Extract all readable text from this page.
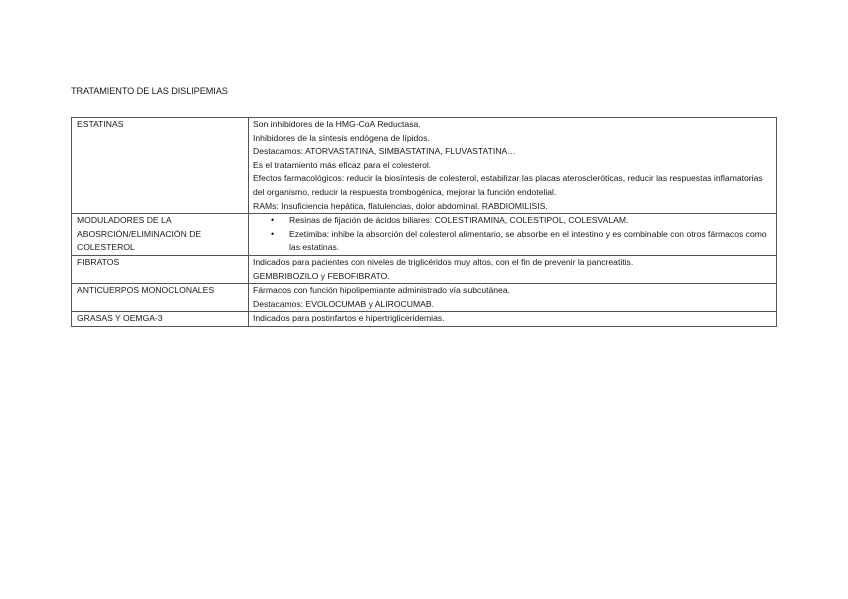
TRATAMIENTO DE LAS DISLIPEMIAS
ESTATINAS	Son inhibidores de la HMG-CoA Reductasa.
Inhibidores de la síntesis endógena de lípidos.
Destacamos: ATORVASTATINA, SIMBASTATINA, FLUVASTATINA…
Es el tratamiento más eficaz para el colesterol.
Efectos farmacológicos: reducir la biosíntesis de colesterol, estabilizar las placas ateroscleróticas, reducir las respuestas inflamatorias del organismo, reducir la respuesta trombogénica, mejorar la función endotelial.
RAMs: Insuficiencia hepática, flatulencias, dolor abdominal. RABDIOMILISIS.

MODULADORES DE LA ABOSRCIÓN/ELIMINACIÓN DE COLESTEROL	
• Resinas de fijación de ácidos biliares: COLESTIRAMINA, COLESTIPOL, COLESVALAM.
• Ezetimiba: inhibe la absorción del colesterol alimentario, se absorbe en el intestino y es combinable con otros fármacos como las estatinas.

FIBRATOS	Indicados para pacientes con niveles de triglicéridos muy altos, con el fin de prevenir la pancreatitis.
GEMBRIBOZILO y FEBOFIBRATO.

ANTICUERPOS MONOCLONALES	Fármacos con función hipolipemiante administrado vía subcutánea.
Destacamos: EVOLOCUMAB y ALIROCUMAB.

GRASAS Y OEMGA-3	Indicados para postinfartos e hipertrigliceridemias.
